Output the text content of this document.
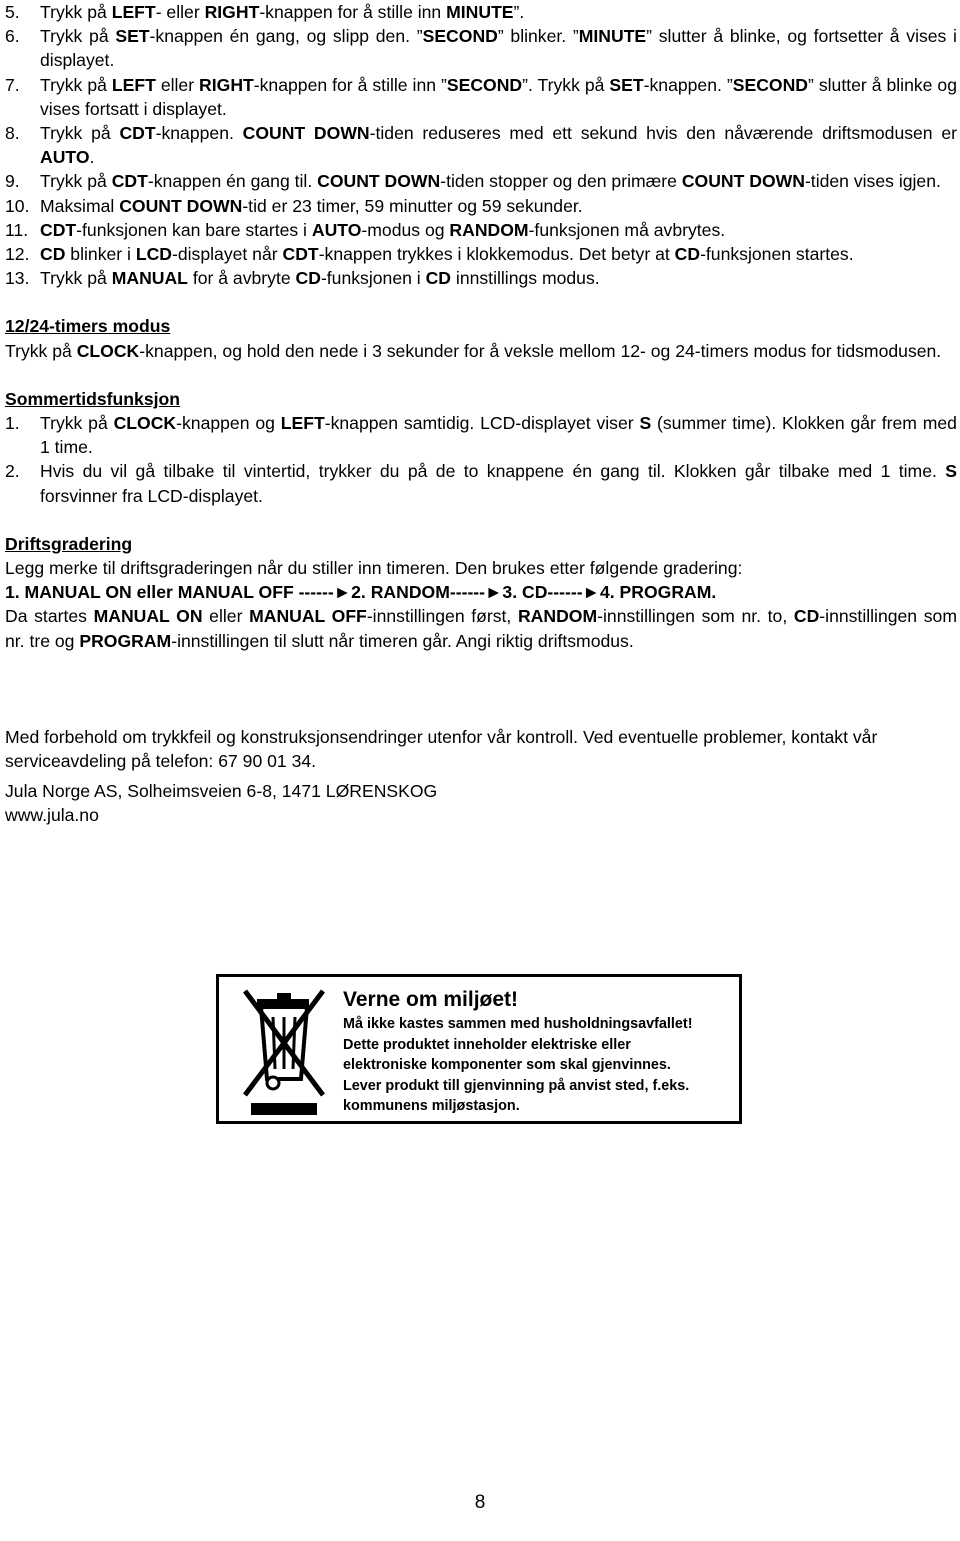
5.	Trykk på LEFT- eller RIGHT-knappen for å stille inn MINUTE”.
6.	Trykk på SET-knappen én gang, og slipp den. ”SECOND” blinker. ”MINUTE” slutter å blinke, og fortsetter å vises i displayet.
7.	Trykk på LEFT eller RIGHT-knappen for å stille inn ”SECOND”. Trykk på SET-knappen. ”SECOND” slutter å blinke og vises fortsatt i displayet.
8.	Trykk på CDT-knappen. COUNT DOWN-tiden reduseres med ett sekund hvis den nåværende driftsmodusen er AUTO.
9.	Trykk på CDT-knappen én gang til. COUNT DOWN-tiden stopper og den primære COUNT DOWN-tiden vises igjen.
10. Maksimal COUNT DOWN-tid er 23 timer, 59 minutter og 59 sekunder.
11. CDT-funksjonen kan bare startes i AUTO-modus og RANDOM-funksjonen må avbrytes.
12. CD blinker i LCD-displayet når CDT-knappen trykkes i klokkemodus. Det betyr at CD-funksjonen startes.
13. Trykk på MANUAL for å avbryte CD-funksjonen i CD innstillings modus.
12/24-timers modus

Trykk på CLOCK-knappen, og hold den nede i 3 sekunder for å veksle mellom 12- og 24-timers modus for tidsmodusen.

Sommertidsfunksjon
1.	Trykk på CLOCK-knappen og LEFT-knappen samtidig. LCD-displayet viser S (summer time). Klokken går frem med 1 time.
2.	Hvis du vil gå tilbake til vintertid, trykker du på de to knappene én gang til. Klokken går tilbake med 1 time. S forsvinner fra LCD-displayet.
Driftsgradering

Legg merke til driftsgraderingen når du stiller inn timeren. Den brukes etter følgende gradering:

1. MANUAL ON eller MANUAL OFF ------►2. RANDOM------►3. CD------►4. PROGRAM.

Da startes MANUAL ON eller MANUAL OFF-innstillingen først, RANDOM-innstillingen som nr. to, CD-innstillingen som nr. tre og PROGRAM-innstillingen til slutt når timeren går. Angi riktig driftsmodus.

Med forbehold om trykkfeil og konstruksjonsendringer utenfor vår kontroll. Ved eventuelle problemer, kontakt vår serviceavdeling på telefon: 67 90 01 34.

Jula Norge AS, Solheimsveien 6-8, 1471 LØRENSKOG

www.jula.no

Verne om miljøet!
Må ikke kastes sammen med husholdningsavfallet!
Dette produktet inneholder elektriske eller
elektroniske komponenter som skal gjenvinnes.
Lever produkt till gjenvinning på anvist sted, f.eks.
kommunens miljøstasjon.
8
